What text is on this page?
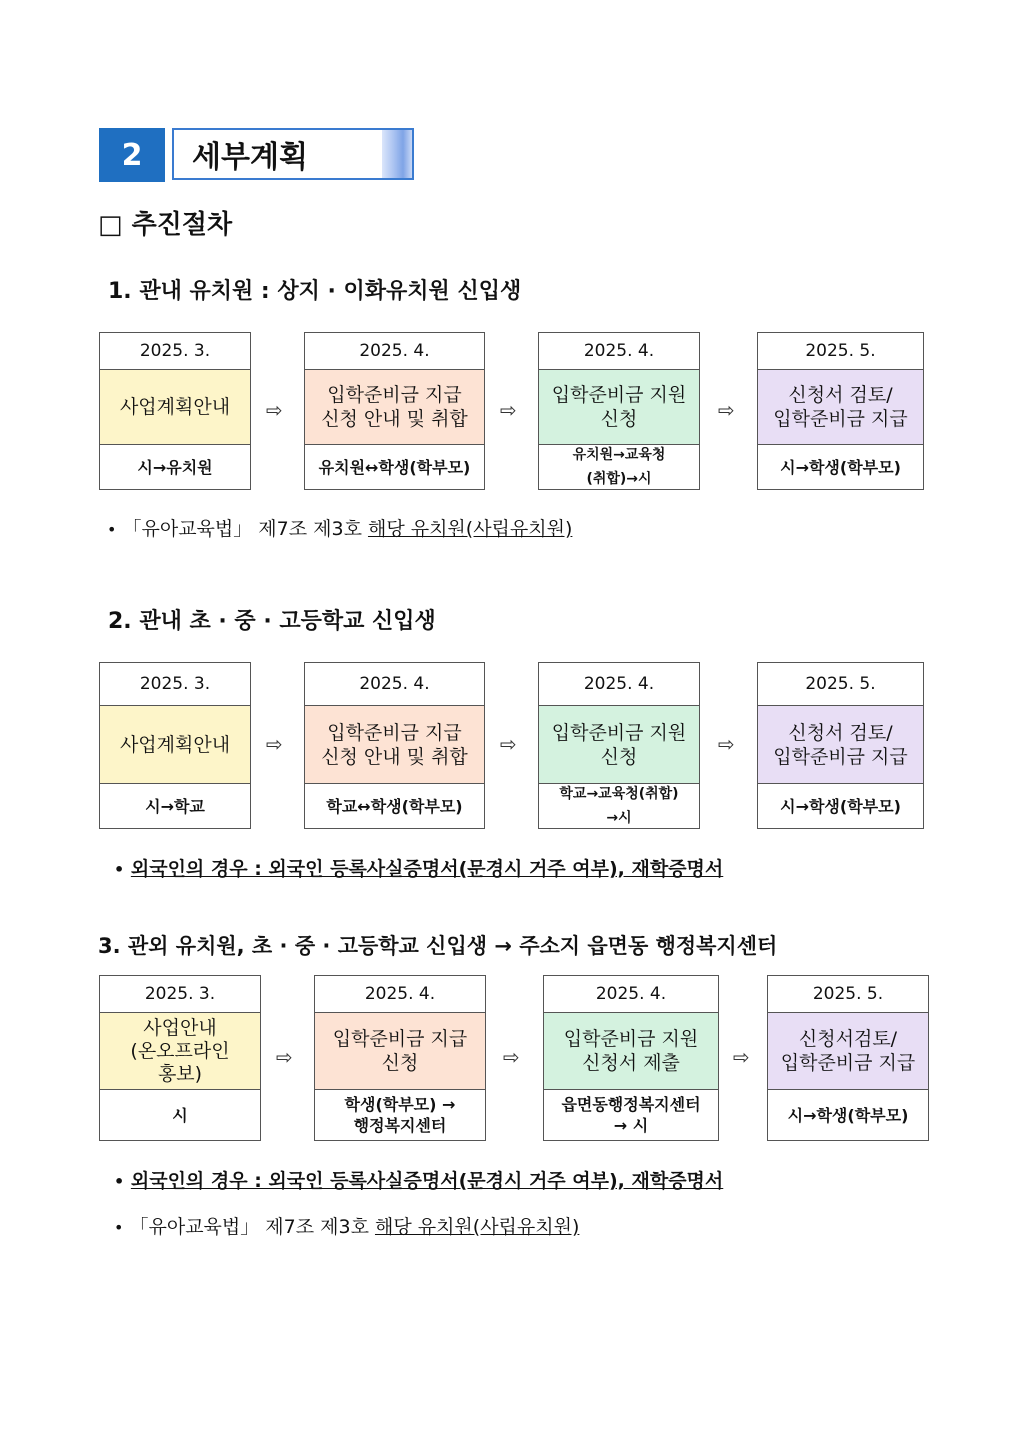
2	세부계획
□ 추진절차
1. 관내 유치원 : 상지 · 이화유치원 신입생
2025. 3.
사업계획안내
시→유치원
⇨
2025. 4.
입학준비금 지급
신청 안내 및 취합
유치원↔학생(학부모)
⇨
2025. 4.
입학준비금 지원
신청
유치원→교육청
(취합)→시
⇨
2025. 5.
신청서 검토/
입학준비금 지급
시→학생(학부모)
• 「유아교육법」 제7조 제3호 해당 유치원(사립유치원)
2. 관내 초 · 중 · 고등학교 신입생
2025. 3.
사업계획안내
시→학교
⇨
2025. 4.
입학준비금 지급
신청 안내 및 취합
학교↔학생(학부모)
⇨
2025. 4.
입학준비금 지원
신청
학교→교육청(취합)
→시
⇨
2025. 5.
신청서 검토/
입학준비금 지급
시→학생(학부모)
• 외국인의 경우 : 외국인 등록사실증명서(문경시 거주 여부), 재학증명서
3. 관외 유치원, 초 · 중 · 고등학교 신입생 → 주소지 읍면동 행정복지센터
2025. 3.
사업안내
(온오프라인
홍보)
시
⇨
2025. 4.
입학준비금 지급
신청
학생(학부모) →
행정복지센터
⇨
2025. 4.
입학준비금 지원
신청서 제출
읍면동행정복지센터
→ 시
⇨
2025. 5.
신청서검토/
입학준비금 지급
시→학생(학부모)
• 외국인의 경우 : 외국인 등록사실증명서(문경시 거주 여부), 재학증명서
• 「유아교육법」 제7조 제3호 해당 유치원(사립유치원)
